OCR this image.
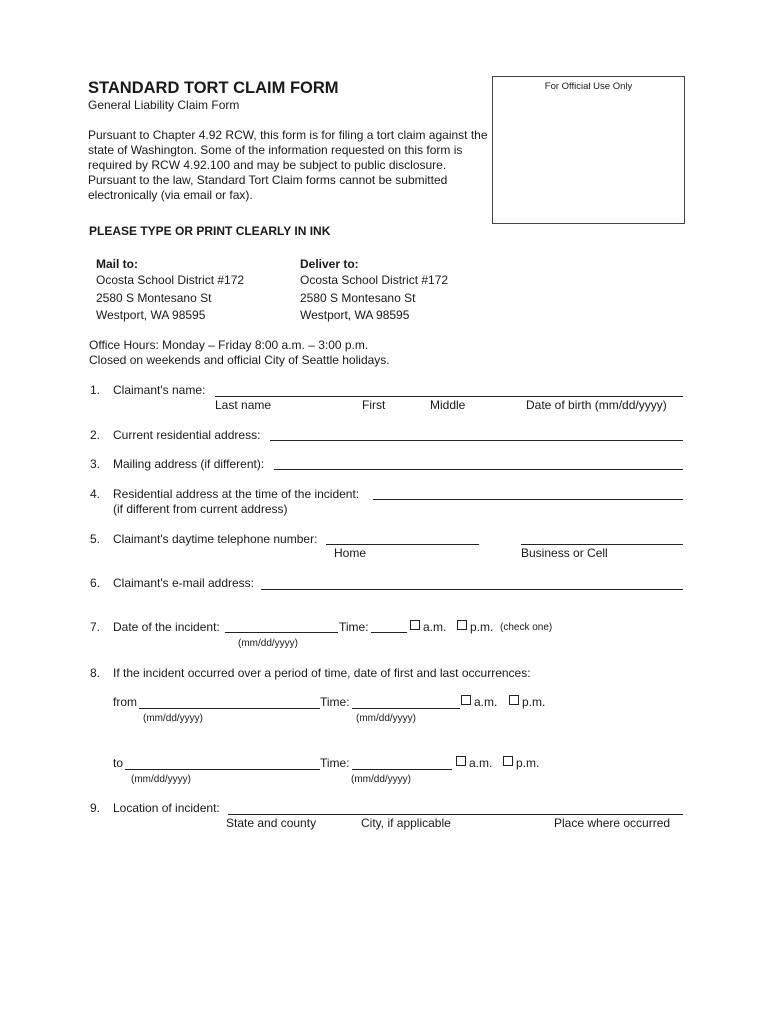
STANDARD TORT CLAIM FORM
General Liability Claim Form
Pursuant to Chapter 4.92 RCW, this form is for filing a tort claim against the state of Washington. Some of the information requested on this form is required by RCW 4.92.100 and may be subject to public disclosure. Pursuant to the law, Standard Tort Claim forms cannot be submitted electronically (via email or fax).
For Official Use Only
PLEASE TYPE OR PRINT CLEARLY IN INK
Mail to:
Ocosta School District #172
2580 S Montesano St
Westport, WA 98595
Deliver to:
Ocosta School District #172
2580 S Montesano St
Westport, WA 98595
Office Hours: Monday – Friday 8:00 a.m. – 3:00 p.m.
Closed on weekends and official City of Seattle holidays.
1. Claimant's name:
Last name	First	Middle	Date of birth (mm/dd/yyyy)
2. Current residential address:
3. Mailing address (if different):
4. Residential address at the time of the incident:
(if different from current address)
5. Claimant's daytime telephone number:
Home	Business or Cell
6. Claimant's e-mail address:
7. Date of the incident:	Time:	a.m. p.m. (check one)
(mm/dd/yyyy)
8. If the incident occurred over a period of time, date of first and last occurrences:
from	Time:	a.m. p.m.
(mm/dd/yyyy)	(mm/dd/yyyy)
to	Time:	a.m. p.m.
(mm/dd/yyyy)	(mm/dd/yyyy)
9. Location of incident:
State and county	City, if applicable	Place where occurred
